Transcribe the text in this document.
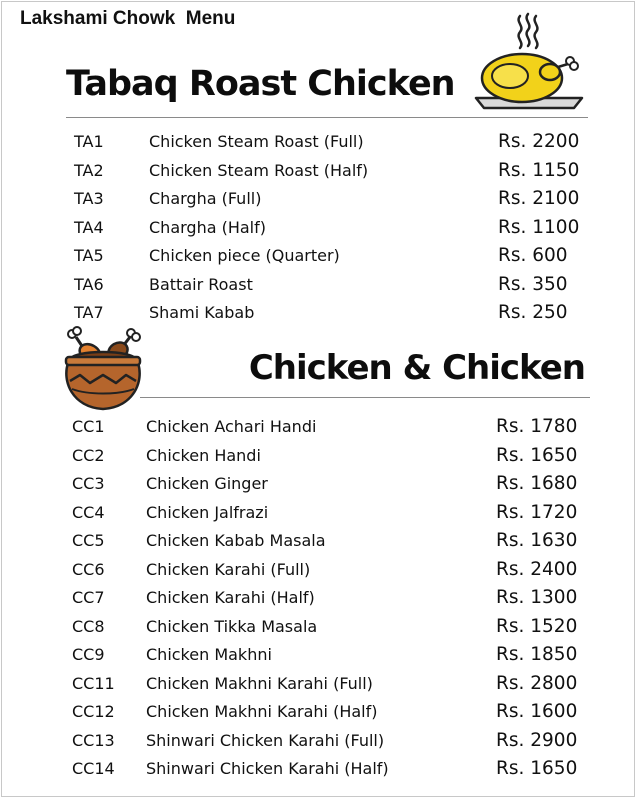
Lakshami Chowk  Menu
Tabaq Roast Chicken
TA1	Chicken Steam Roast (Full)	Rs. 2200
TA2	Chicken Steam Roast (Half)	Rs. 1150
TA3	Chargha (Full)	Rs. 2100
TA4	Chargha (Half)	Rs. 1100
TA5	Chicken piece (Quarter)	Rs. 600
TA6	Battair Roast	Rs. 350
TA7	Shami Kabab	Rs. 250
Chicken & Chicken
CC1	Chicken Achari Handi	Rs. 1780
CC2	Chicken Handi	Rs. 1650
CC3	Chicken Ginger	Rs. 1680
CC4	Chicken Jalfrazi	Rs. 1720
CC5	Chicken Kabab Masala	Rs. 1630
CC6	Chicken Karahi (Full)	Rs. 2400
CC7	Chicken Karahi (Half)	Rs. 1300
CC8	Chicken Tikka Masala	Rs. 1520
CC9	Chicken Makhni	Rs. 1850
CC11 Chicken Makhni Karahi (Full)	Rs. 2800
CC12 Chicken Makhni Karahi (Half)	Rs. 1600
CC13 Shinwari Chicken Karahi (Full)	Rs. 2900
CC14 Shinwari Chicken Karahi (Half)	Rs. 1650
